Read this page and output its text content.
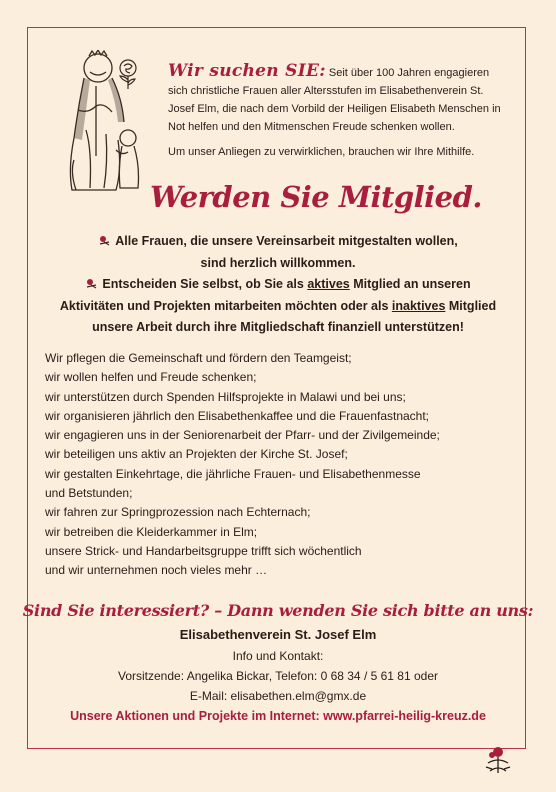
Wir suchen SIE: Seit über 100 Jahren engagieren sich christliche Frauen aller Altersstufen im Elisabethenverein St. Josef Elm, die nach dem Vorbild der Heiligen Elisabeth Menschen in Not helfen und den Mitmenschen Freude schenken wollen.
Um unser Anliegen zu verwirklichen, brauchen wir Ihre Mithilfe.
Werden Sie Mitglied.
Alle Frauen, die unsere Vereinsarbeit mitgestalten wollen,
sind herzlich willkommen.
Entscheiden Sie selbst, ob Sie als aktives Mitglied an unseren
Aktivitäten und Projekten mitarbeiten möchten oder als inaktives Mitglied
unsere Arbeit durch ihre Mitgliedschaft finanziell unterstützen!
Wir pflegen die Gemeinschaft und fördern den Teamgeist;
wir wollen helfen und Freude schenken;
wir unterstützen durch Spenden Hilfsprojekte in Malawi und bei uns;
wir organisieren jährlich den Elisabethenkaffee und die Frauenfastnacht;
wir engagieren uns in der Seniorenarbeit der Pfarr- und der Zivilgemeinde;
wir beteiligen uns aktiv an Projekten der Kirche St. Josef;
wir gestalten Einkehrtage, die jährliche Frauen- und Elisabethenmesse
und Betstunden;
wir fahren zur Springprozession nach Echternach;
wir betreiben die Kleiderkammer in Elm;
unsere Strick- und Handarbeitsgruppe trifft sich wöchentlich
und wir unternehmen noch vieles mehr …
Sind Sie interessiert? – Dann wenden Sie sich bitte an uns:
Elisabethenverein St. Josef Elm
Info und Kontakt:
Vorsitzende: Angelika Bickar, Telefon: 0 68 34 / 5 61 81 oder
E-Mail: elisabethen.elm@gmx.de
Unsere Aktionen und Projekte im Internet: www.pfarrei-heilig-kreuz.de
